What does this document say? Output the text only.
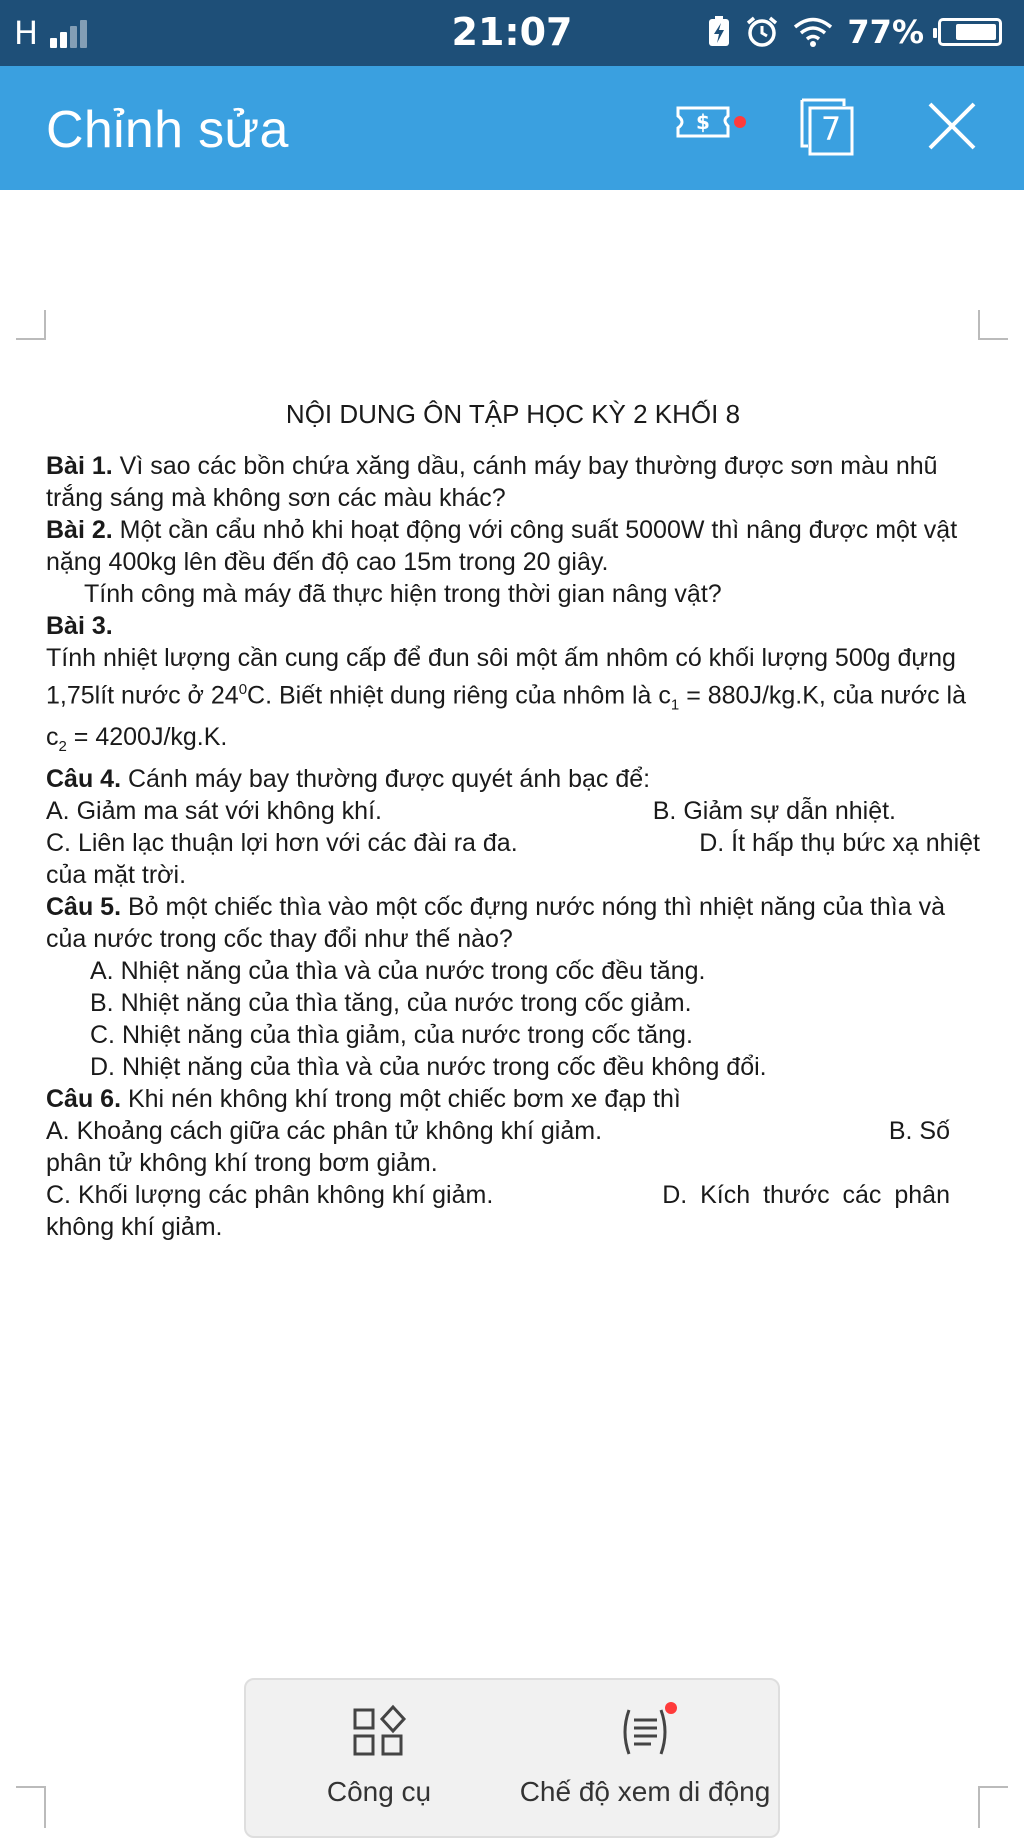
H	21:07	77%
Chỉnh sửa	$	7
NỘI DUNG ÔN TẬP HỌC KỲ 2 KHỐI 8

Bài 1. Vì sao các bồn chứa xăng dầu, cánh máy bay thường được sơn màu nhũ trắng sáng mà không sơn các màu khác?

Bài 2. Một cần cẩu nhỏ khi hoạt động với công suất 5000W thì nâng được một vật nặng 400kg lên đều đến độ cao 15m trong 20 giây.

Tính công mà máy đã thực hiện trong thời gian nâng vật?

Bài 3.

Tính nhiệt lượng cần cung cấp để đun sôi một ấm nhôm có khối lượng 500g đựng 1,75lít nước ở $24^0C$. Biết nhiệt dung riêng của nhôm là $c_1 = 880J/kg.K$, của nước là $c_2 = 4200J/kg.K$.

Câu 4. Cánh máy bay thường được quyét ánh bạc để:

A. Giảm ma sát với không khí.	B. Giảm sự dẫn nhiệt.
C. Liên lạc thuận lợi hơn với các đài ra đa.	D. Ít hấp thụ bức xạ nhiệt

của mặt trời.

Câu 5. Bỏ một chiếc thìa vào một cốc đựng nước nóng thì nhiệt năng của thìa và của nước trong cốc thay đổi như thế nào?

A. Nhiệt năng của thìa và của nước trong cốc đều tăng.

B. Nhiệt năng của thìa tăng, của nước trong cốc giảm.

C. Nhiệt năng của thìa giảm, của nước trong cốc tăng.

D. Nhiệt năng của thìa và của nước trong cốc đều không đổi.

Câu 6. Khi nén không khí trong một chiếc bơm xe đạp thì

A. Khoảng cách giữa các phân tử không khí giảm.	B. Số

phân tử không khí trong bơm giảm.

C. Khối lượng các phân không khí giảm.	D. Kích thước các phân

không khí giảm.

Công cụ	Chế độ xem di động
